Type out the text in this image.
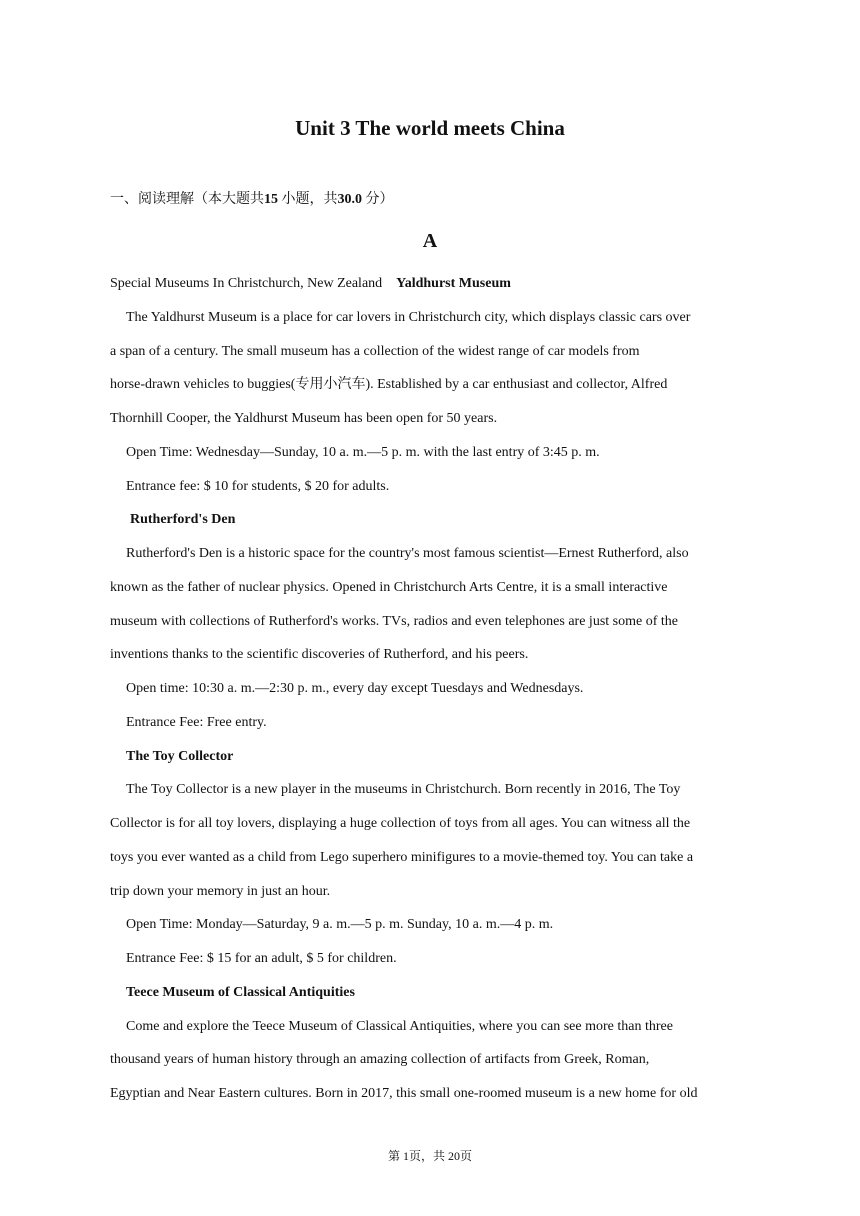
Unit 3 The world meets China
一、阅读理解（本大题共15 小题，共30.0 分）
A

Special Museums In Christchurch, New Zealand Yaldhurst Museum

The Yaldhurst Museum is a place for car lovers in Christchurch city, which displays classic cars over
a span of a century. The small museum has a collection of the widest range of car models from
horse-drawn vehicles to buggies(专用小汽车). Established by a car enthusiast and collector, Alfred
Thornhill Cooper, the Yaldhurst Museum has been open for 50 years.

Open Time: Wednesday—Sunday, 10 a. m.—5 p. m. with the last entry of 3:45 p. m.

Entrance fee: $ 10 for students, $ 20 for adults.

Rutherford's Den

Rutherford's Den is a historic space for the country's most famous scientist—Ernest Rutherford, also
known as the father of nuclear physics. Opened in Christchurch Arts Centre, it is a small interactive
museum with collections of Rutherford's works. TVs, radios and even telephones are just some of the
inventions thanks to the scientific discoveries of Rutherford, and his peers.

Open time: 10:30 a. m.—2:30 p. m., every day except Tuesdays and Wednesdays.

Entrance Fee: Free entry.

The Toy Collector

The Toy Collector is a new player in the museums in Christchurch. Born recently in 2016, The Toy
Collector is for all toy lovers, displaying a huge collection of toys from all ages. You can witness all the
toys you ever wanted as a child from Lego superhero minifigures to a movie-themed toy. You can take a
trip down your memory in just an hour.

Open Time: Monday—Saturday, 9 a. m.—5 p. m. Sunday, 10 a. m.—4 p. m.

Entrance Fee: $ 15 for an adult, $ 5 for children.

Teece Museum of Classical Antiquities

Come and explore the Teece Museum of Classical Antiquities, where you can see more than three
thousand years of human history through an amazing collection of artifacts from Greek, Roman,
Egyptian and Near Eastern cultures. Born in 2017, this small one-roomed museum is a new home for old

第 1页，共 20页
